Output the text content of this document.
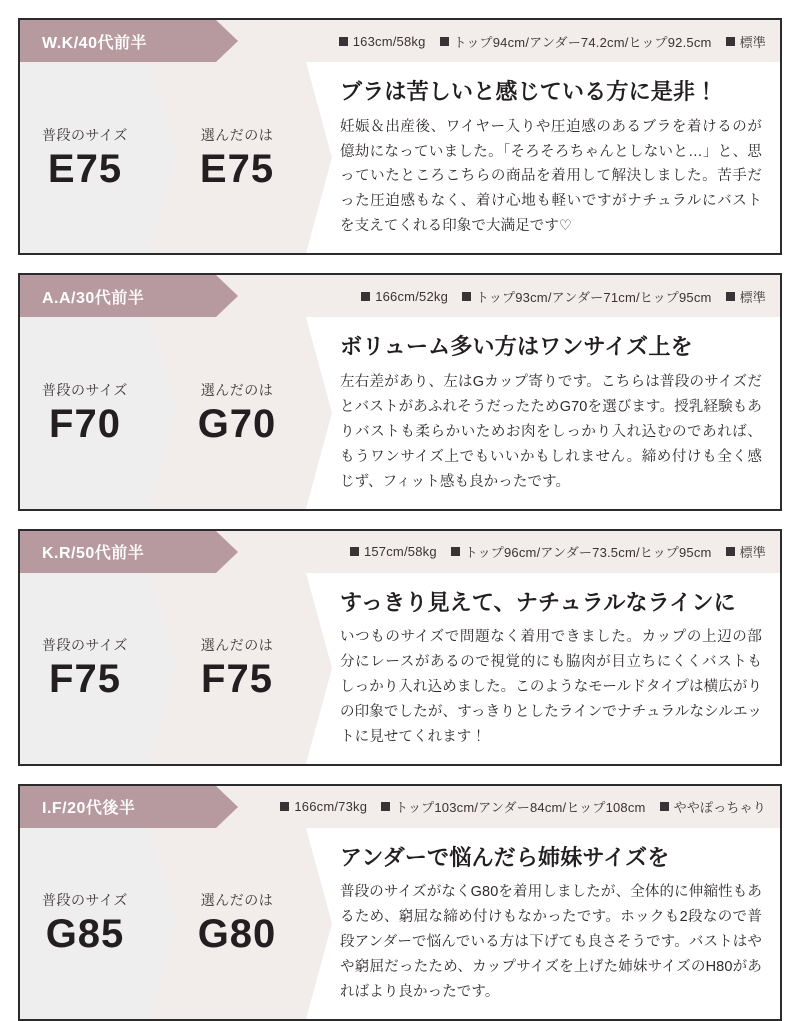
W.K/40代前半	163cm/58kg トップ94cm/アンダー74.2cm/ヒップ92.5cm 標準
普段のサイズ
E75
選んだのは
E75
ブラは苦しいと感じている方に是非！

妊娠＆出産後、ワイヤー入りや圧迫感のあるブラを着けるのが億劫になっていました。「そろそろちゃんとしないと…」と、思っていたところこちらの商品を着用して解決しました。苦手だった圧迫感もなく、着け心地も軽いですがナチュラルにバストを支えてくれる印象で大満足です♡

A.A/30代前半	166cm/52kg トップ93cm/アンダー71cm/ヒップ95cm 標準
普段のサイズ
F70
選んだのは
G70
ボリューム多い方はワンサイズ上を

左右差があり、左はGカップ寄りです。こちらは普段のサイズだとバストがあふれそうだったためG70を選びます。授乳経験もありバストも柔らかいためお肉をしっかり入れ込むのであれば、もうワンサイズ上でもいいかもしれません。締め付けも全く感じず、フィット感も良かったです。

K.R/50代前半	157cm/58kg トップ96cm/アンダー73.5cm/ヒップ95cm 標準
普段のサイズ
F75
選んだのは
F75
すっきり見えて、ナチュラルなラインに

いつものサイズで問題なく着用できました。カップの上辺の部分にレースがあるので視覚的にも脇肉が目立ちにくくバストもしっかり入れ込めました。このようなモールドタイプは横広がりの印象でしたが、すっきりとしたラインでナチュラルなシルエットに見せてくれます！

I.F/20代後半	166cm/73kg トップ103cm/アンダー84cm/ヒップ108cm ややぽっちゃり
普段のサイズ
G85
選んだのは
G80
アンダーで悩んだら姉妹サイズを

普段のサイズがなくG80を着用しましたが、全体的に伸縮性もあるため、窮屈な締め付けもなかったです。ホックも2段なので普段アンダーで悩んでいる方は下げても良さそうです。バストはやや窮屈だったため、カップサイズを上げた姉妹サイズのH80があればより良かったです。
